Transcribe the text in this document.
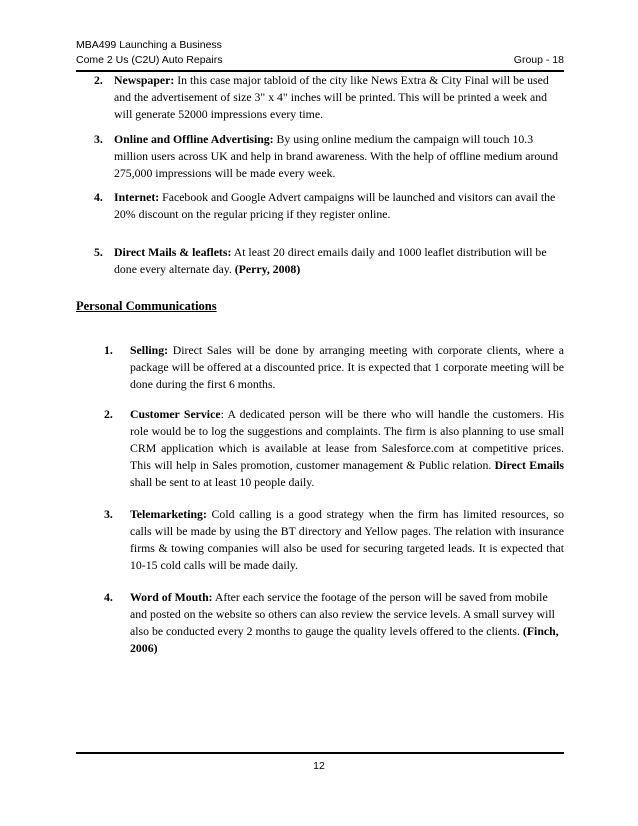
MBA499 Launching a Business
Come 2 Us (C2U) Auto Repairs	Group - 18
2. Newspaper: In this case major tabloid of the city like News Extra & City Final will be used and the advertisement of size 3" x 4" inches will be printed. This will be printed a week and will generate 52000 impressions every time.
3. Online and Offline Advertising: By using online medium the campaign will touch 10.3 million users across UK and help in brand awareness. With the help of offline medium around 275,000 impressions will be made every week.
4. Internet: Facebook and Google Advert campaigns will be launched and visitors can avail the 20% discount on the regular pricing if they register online.
5. Direct Mails & leaflets: At least 20 direct emails daily and 1000 leaflet distribution will be done every alternate day. (Perry, 2008)
Personal Communications
1. Selling: Direct Sales will be done by arranging meeting with corporate clients, where a package will be offered at a discounted price. It is expected that 1 corporate meeting will be done during the first 6 months.
2. Customer Service: A dedicated person will be there who will handle the customers. His role would be to log the suggestions and complaints. The firm is also planning to use small CRM application which is available at lease from Salesforce.com at competitive prices. This will help in Sales promotion, customer management & Public relation. Direct Emails shall be sent to at least 10 people daily.
3. Telemarketing: Cold calling is a good strategy when the firm has limited resources, so calls will be made by using the BT directory and Yellow pages. The relation with insurance firms & towing companies will also be used for securing targeted leads. It is expected that 10-15 cold calls will be made daily.
4. Word of Mouth: After each service the footage of the person will be saved from mobile and posted on the website so others can also review the service levels. A small survey will also be conducted every 2 months to gauge the quality levels offered to the clients. (Finch, 2006)
12
